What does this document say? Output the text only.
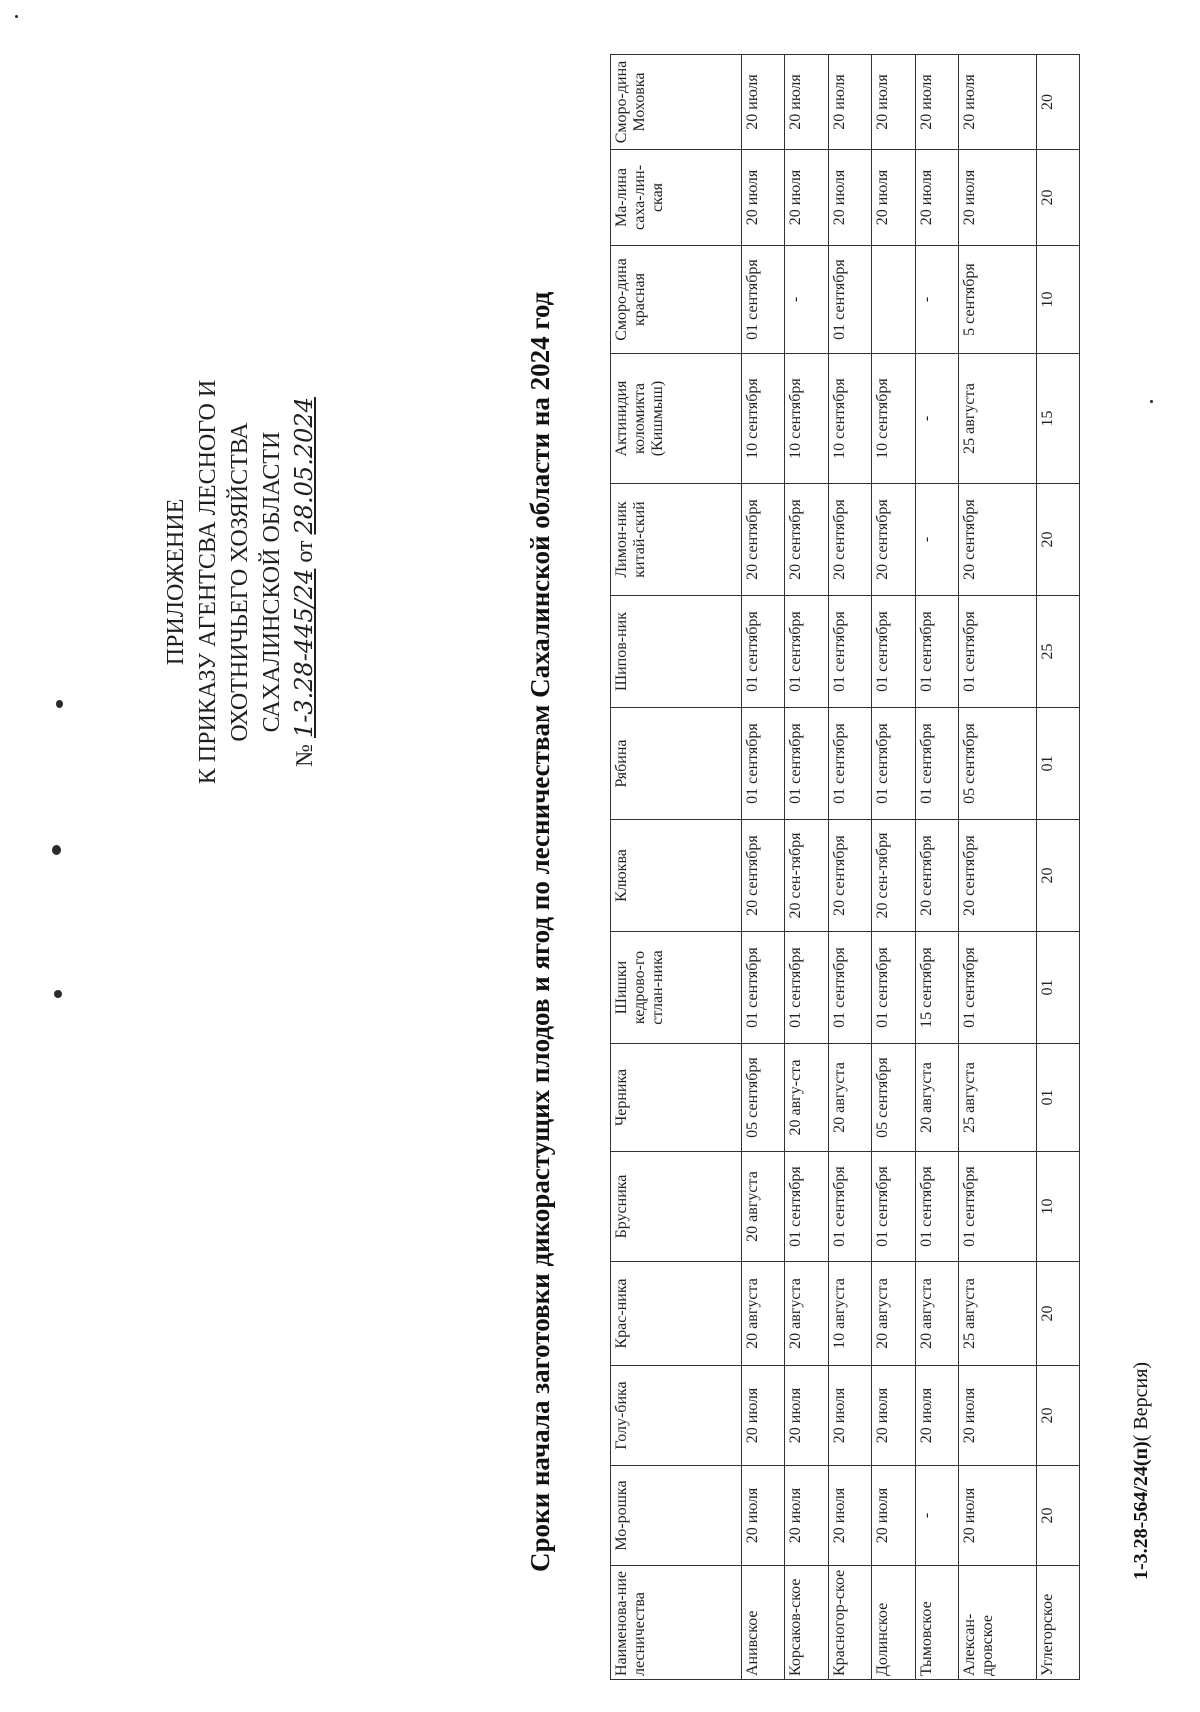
ПРИЛОЖЕНИЕ К ПРИКАЗУ АГЕНТСВА ЛЕСНОГО И ОХОТНИЧЬЕГО ХОЗЯЙСТВА САХАЛИНСКОЙ ОБЛАСТИ
№ 1-3.28-445/24 от 28.05.2024	Сроки начала заготовки дикорастущих плодов и ягод по лесничествам Сахалинской области на 2024 год
Наименова-ние лесничества	Мо-рошка	Голу-бика	Крас-ника	Брусника	Черника	Шишки кедрово-го стлан-ника	Клюква	Рябина	Шипов-ник	Лимон-ник китай-ский	Актинидия коломикта (Кишмыш)	Сморо-дина красная	Ма-лина саха-лин-ская	Сморо-дина Моховка
Анивское	20 июля	20 июля	20 августа	20 августа	05 сентября	01 сентября	20 сентября	01 сентября	01 сентября	20 сентября	10 сентября	01 сентября	20 июля	20 июля
Корсаков-ское	20 июля	20 июля	20 августа	01 сентября	20 авгу-ста	01 сентября	20 сен-тября	01 сентября	01 сентября	20 сентября	10 сентября	-	20 июля	20 июля
Красногор-ское	20 июля	20 июля	10 августа	01 сентября	20 августа	01 сентября	20 сентября	01 сентября	01 сентября	20 сентября	10 сентября	01 сентября	20 июля	20 июля
Долинское	20 июля	20 июля	20 августа	01 сентября	05 сентября	01 сентября	20 сен-тября	01 сентября	01 сентября	20 сентября	10 сентября		20 июля	20 июля
Тымовское	-	20 июля	20 августа	01 сентября	20 августа	15 сентября	20 сентября	01 сентября	01 сентября	-	-	-	20 июля	20 июля
Алексан-дровское	20 июля	20 июля	25 августа	01 сентября	25 августа	01 сентября	20 сентября	05 сентября	01 сентября	20 сентября	25 августа	5 сентября	20 июля	20 июля
Углегорское	20	20	20	10	01	01	20	01	25	20	15	10	20	20
1-3.28-564/24(п)( Версия)
